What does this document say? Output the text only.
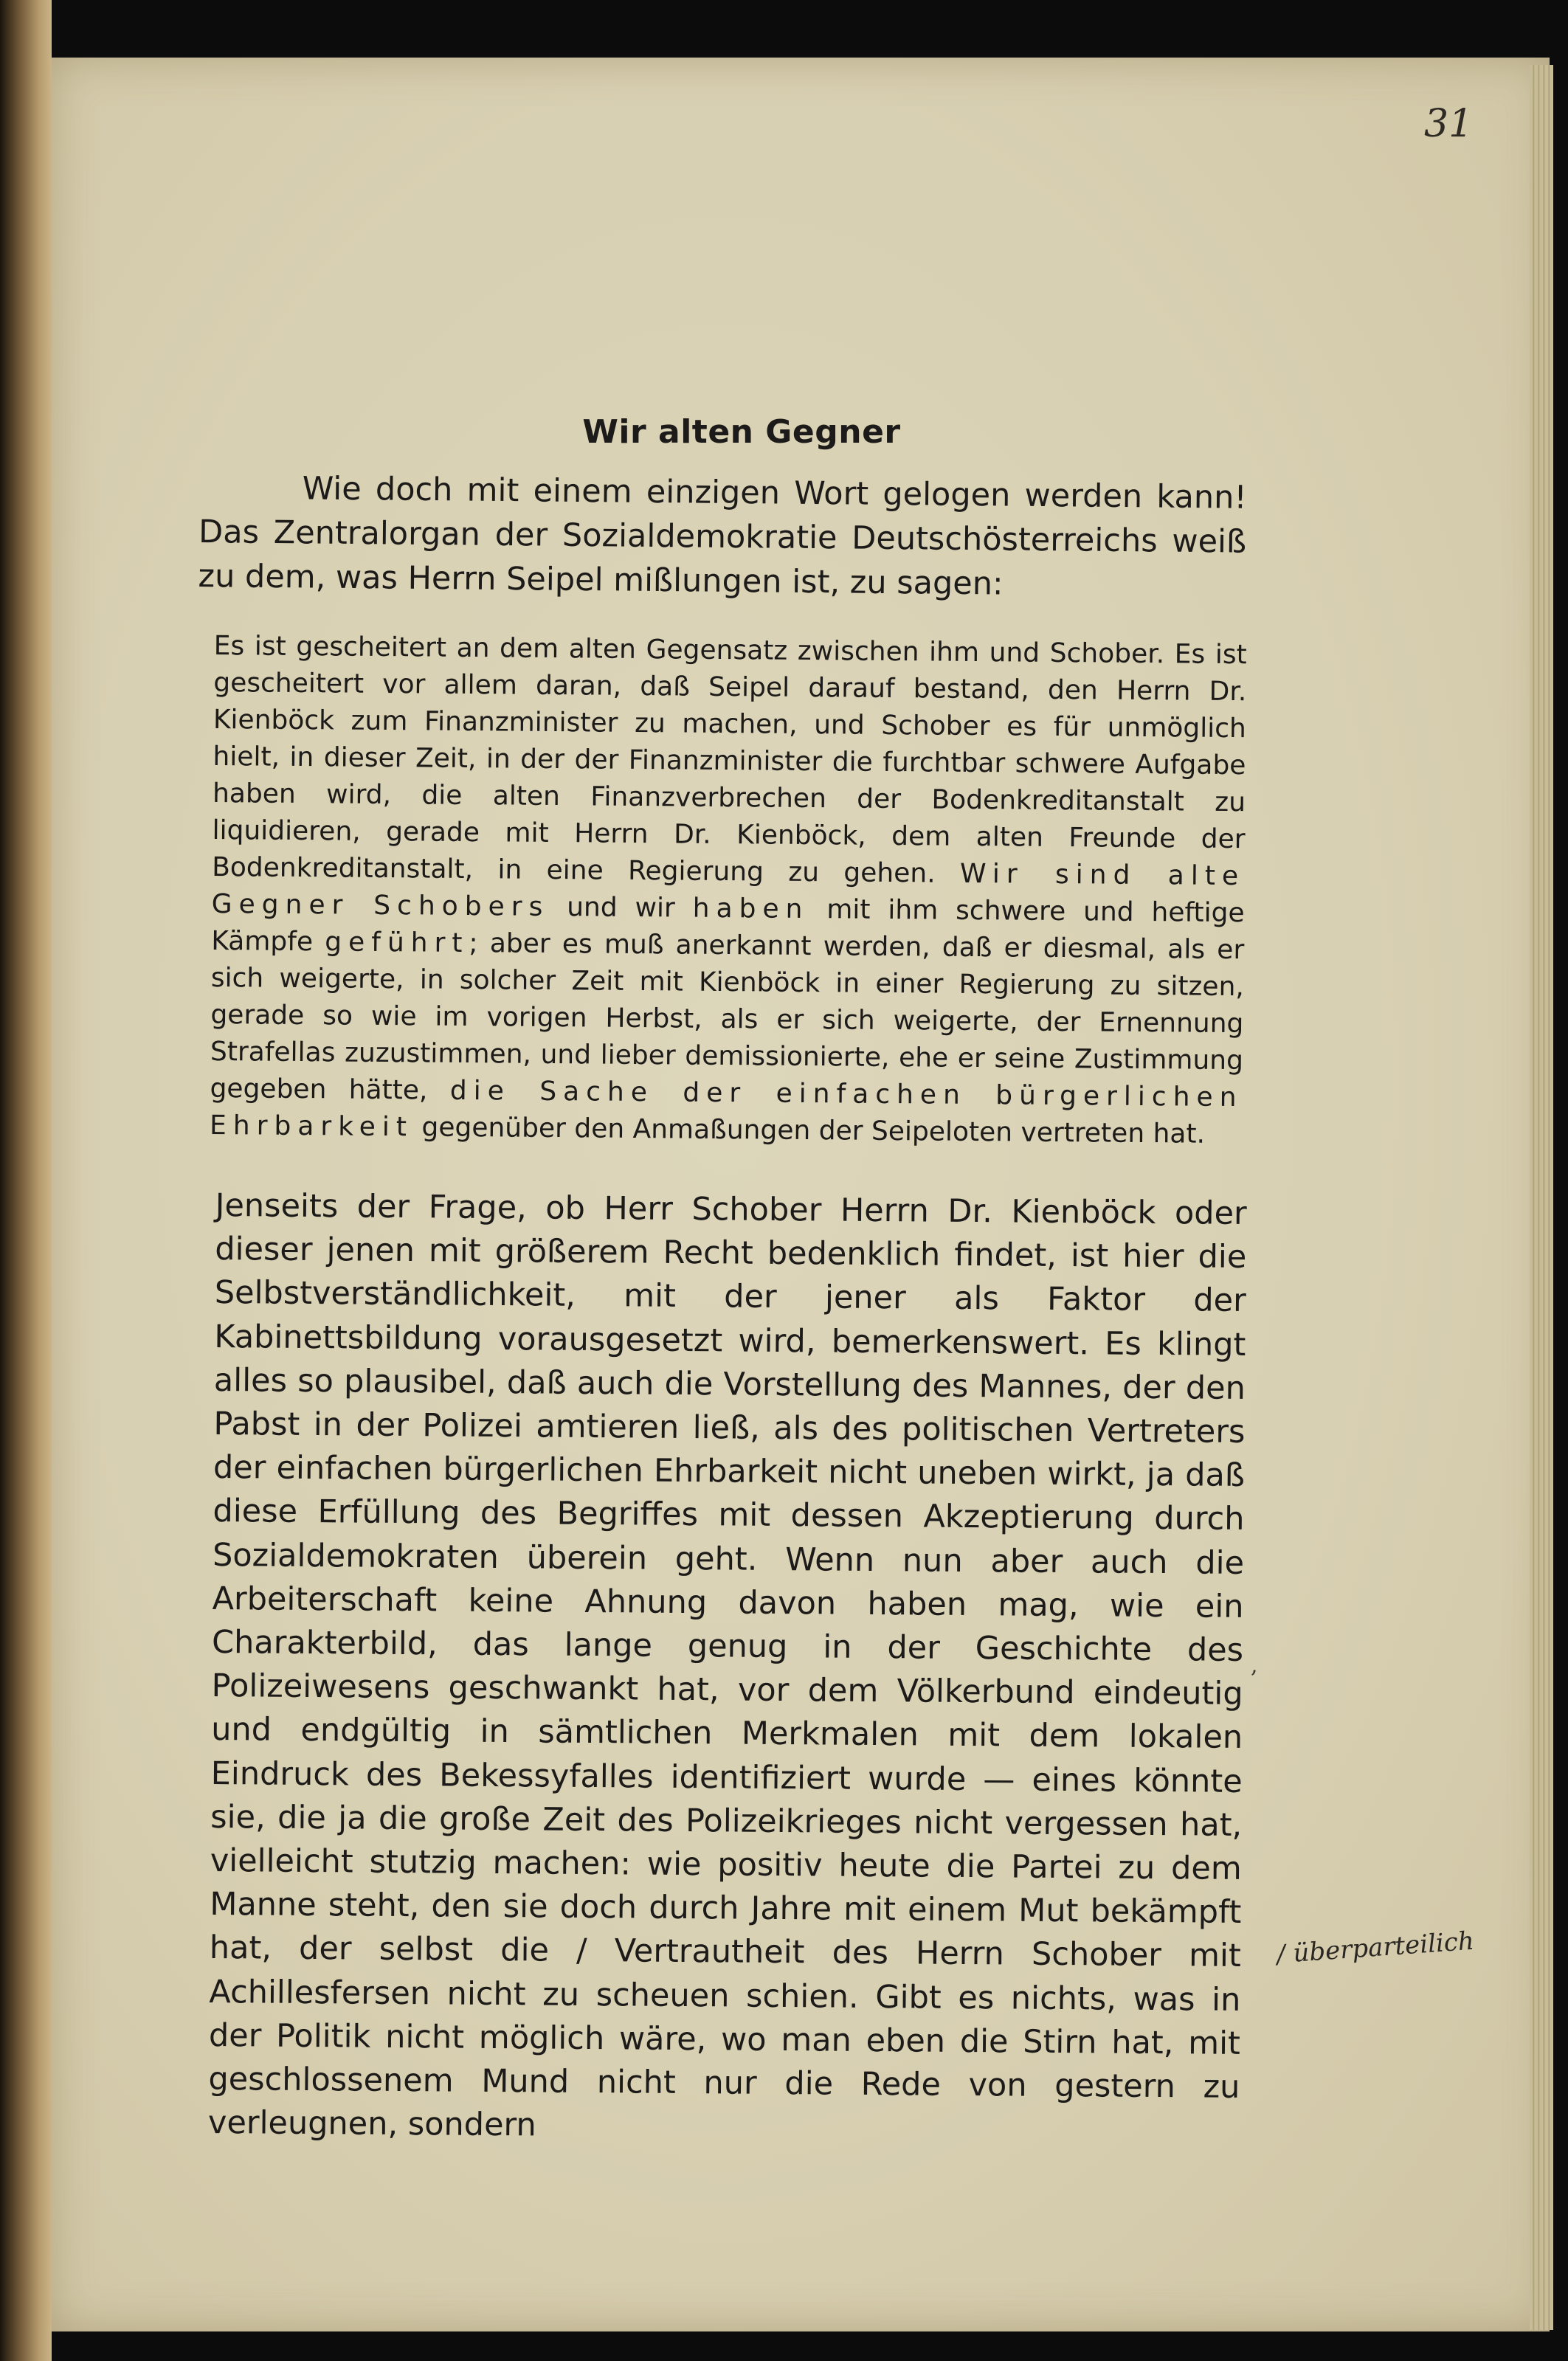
31
Wir alten Gegner

Wie doch mit einem einzigen Wort gelogen werden kann! Das Zentralorgan der Sozialdemokratie Deutschösterreichs weiß zu dem, was Herrn Seipel mißlungen ist, zu sagen:

Es ist gescheitert an dem alten Gegensatz zwischen ihm und Schober. Es ist gescheitert vor allem daran, daß Seipel darauf bestand, den Herrn Dr. Kienböck zum Finanzminister zu machen, und Schober es für unmöglich hielt, in dieser Zeit, in der der Finanzminister die furchtbar schwere Aufgabe haben wird, die alten Finanzverbrechen der Bodenkreditanstalt zu liquidieren, gerade mit Herrn Dr. Kienböck, dem alten Freunde der Bodenkreditanstalt, in eine Regierung zu gehen. Wir sind alte Gegner Schobers und wir haben mit ihm schwere und heftige Kämpfe geführt; aber es muß anerkannt werden, daß er diesmal, als er sich weigerte, in solcher Zeit mit Kienböck in einer Regierung zu sitzen, gerade so wie im vorigen Herbst, als er sich weigerte, der Ernennung Strafellas zuzustimmen, und lieber demissionierte, ehe er seine Zustimmung gegeben hätte, die Sache der einfachen bürgerlichen Ehrbarkeit gegenüber den Anmaßungen der Seipeloten vertreten hat.

Jenseits der Frage, ob Herr Schober Herrn Dr. Kienböck oder dieser jenen mit größerem Recht bedenklich findet, ist hier die Selbstverständlichkeit, mit der jener als Faktor der Kabinettsbildung vorausgesetzt wird, bemerkenswert. Es klingt alles so plausibel, daß auch die Vorstellung des Mannes, der den Pabst in der Polizei amtieren ließ, als des politischen Vertreters der einfachen bürgerlichen Ehrbarkeit nicht uneben wirkt, ja daß diese Erfüllung des Begriffes mit dessen Akzeptierung durch Sozialdemokraten überein geht. Wenn nun aber auch die Arbeiterschaft keine Ahnung davon haben mag, wie ein Charakterbild, das lange genug in der Geschichte des Polizeiwesens geschwankt hat, vor dem Völkerbund eindeutig und endgültig in sämtlichen Merkmalen mit dem lokalen Eindruck des Bekessyfalles identifiziert wurde — eines könnte sie, die ja die große Zeit des Polizeikrieges nicht vergessen hat, vielleicht stutzig machen: wie positiv heute die Partei zu dem Manne steht, den sie doch durch Jahre mit einem Mut bekämpft hat, der selbst die / Vertrautheit des Herrn Schober mit Achillesfersen nicht zu scheuen schien. Gibt es nichts, was in der Politik nicht möglich wäre, wo man eben die Stirn hat, mit geschlossenem Mund nicht nur die Rede von gestern zu verleugnen, sondern

/ überparteilich
,
